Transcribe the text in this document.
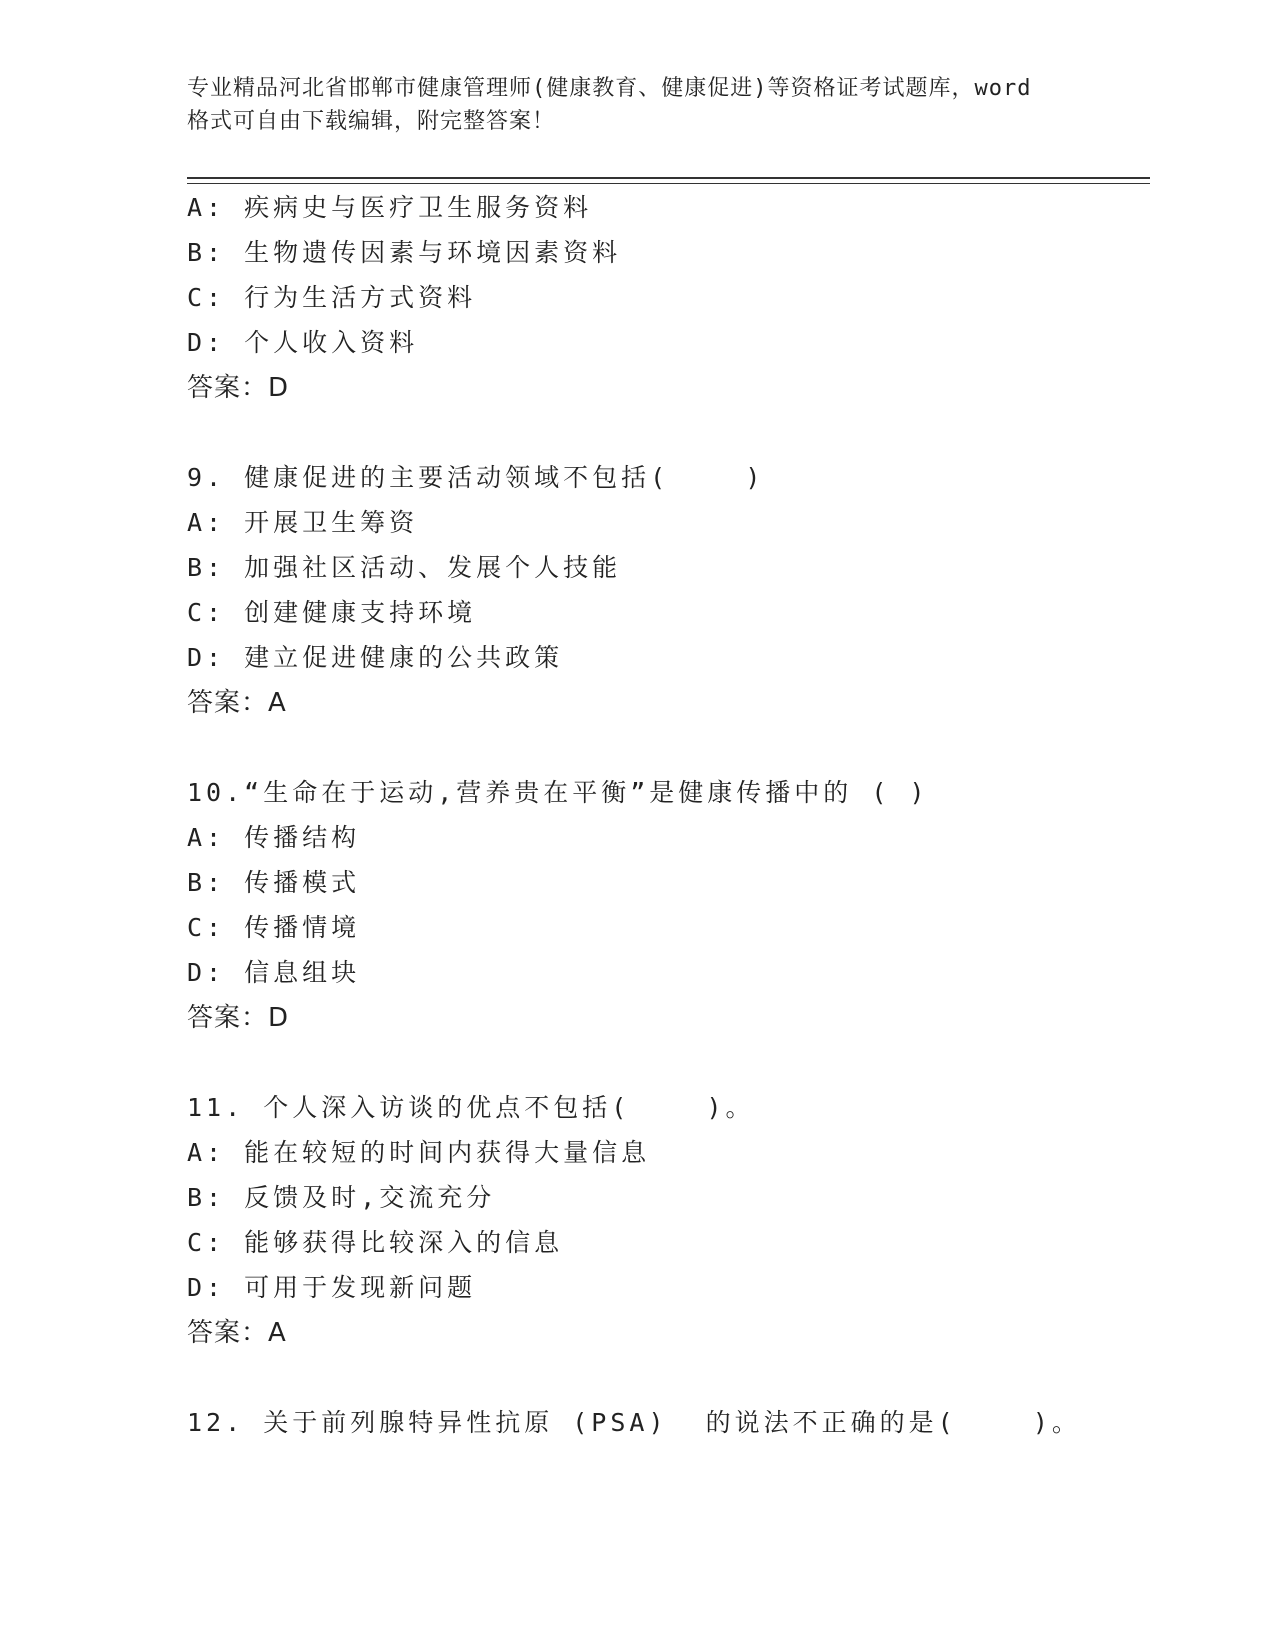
专业精品河北省邯郸市健康管理师(健康教育、健康促进)等资格证考试题库，word
格式可自由下载编辑，附完整答案！
A: 疾病史与医疗卫生服务资料
B: 生物遗传因素与环境因素资料
C: 行为生活方式资料
D: 个人收入资料
答案：D
9. 健康促进的主要活动领域不包括(    )
A: 开展卫生筹资
B: 加强社区活动、发展个人技能
C: 创建健康支持环境
D: 建立促进健康的公共政策
答案：A
10.“生命在于运动,营养贵在平衡”是健康传播中的 ( )
A: 传播结构
B: 传播模式
C: 传播情境
D: 信息组块
答案：D
11. 个人深入访谈的优点不包括(    )。
A: 能在较短的时间内获得大量信息
B: 反馈及时,交流充分
C: 能够获得比较深入的信息
D: 可用于发现新问题
答案：A
12. 关于前列腺特异性抗原 (PSA)  的说法不正确的是(    )。
